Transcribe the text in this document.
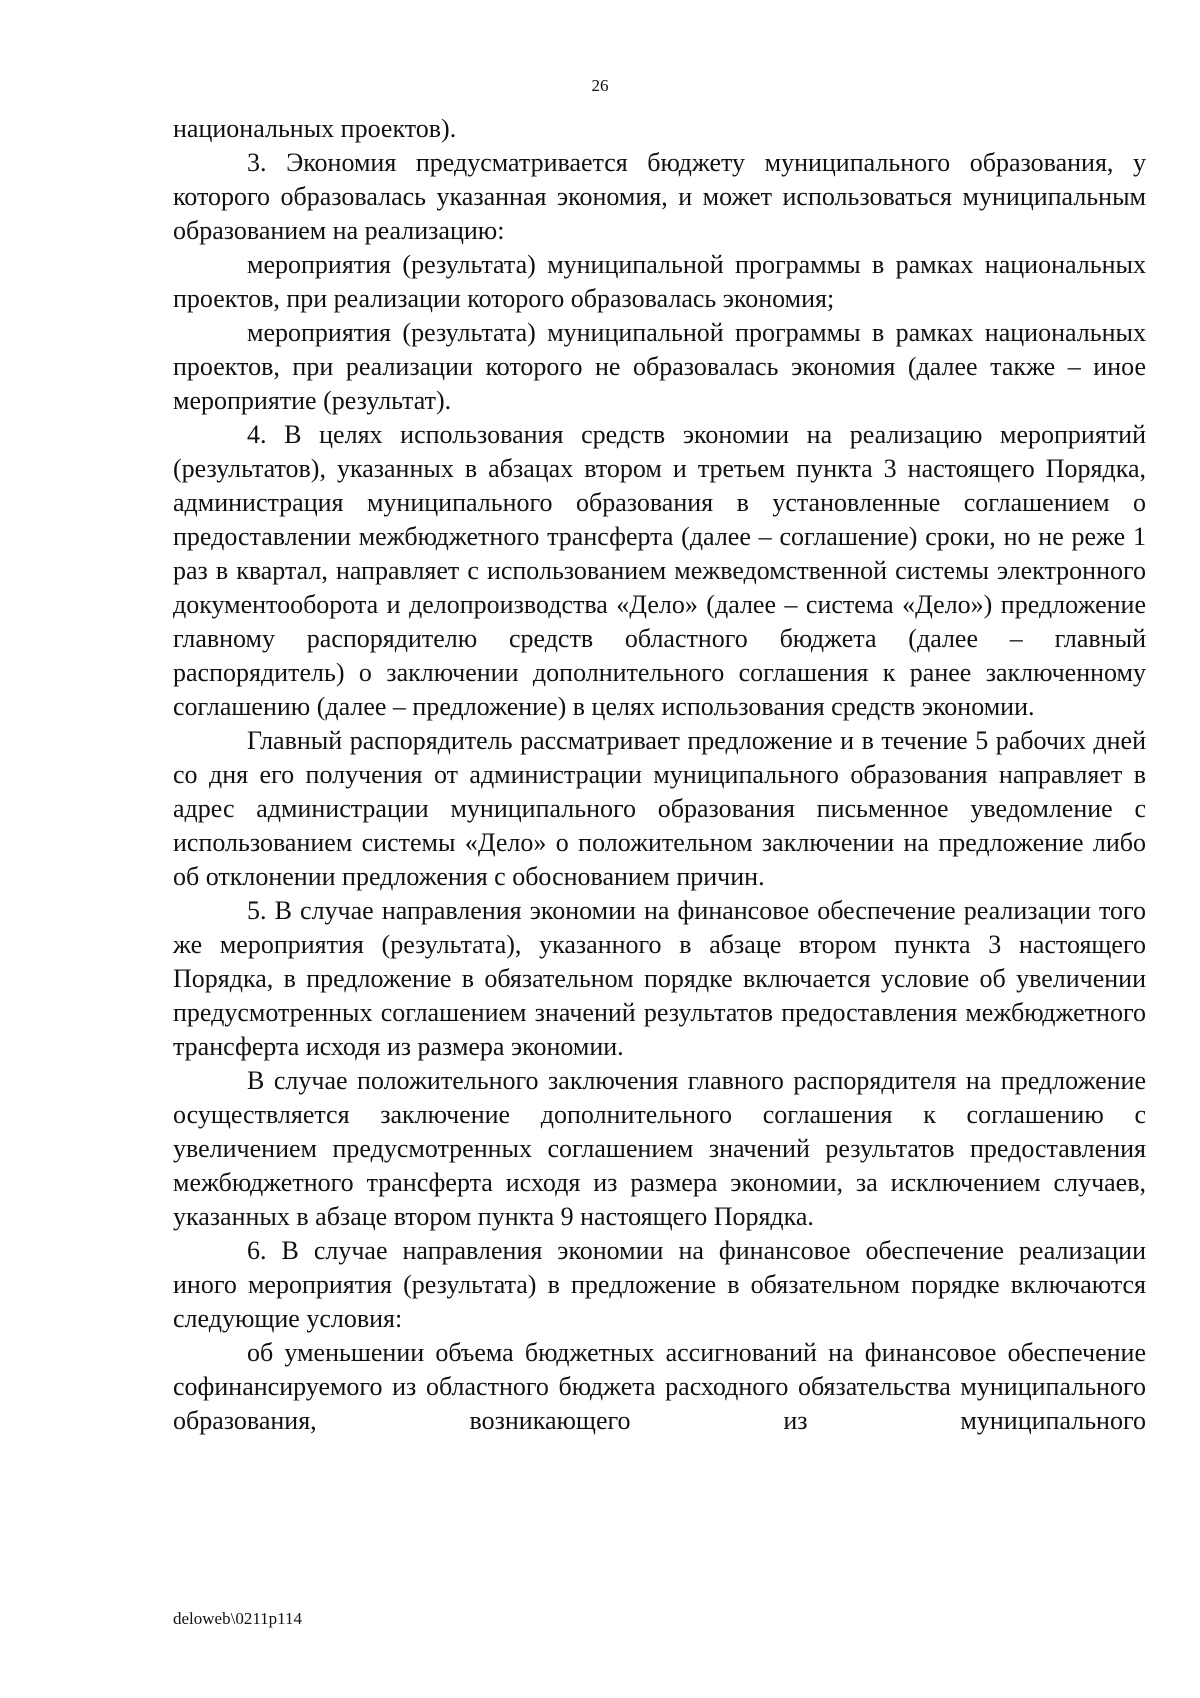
26

национальных проектов).

3. Экономия предусматривается бюджету муниципального образования, у которого образовалась указанная экономия, и может использоваться муниципальным образованием на реализацию:

мероприятия (результата) муниципальной программы в рамках национальных проектов, при реализации которого образовалась экономия;

мероприятия (результата) муниципальной программы в рамках национальных проектов, при реализации которого не образовалась экономия (далее также – иное мероприятие (результат).

4. В целях использования средств экономии на реализацию мероприятий (результатов), указанных в абзацах втором и третьем пункта 3 настоящего Порядка, администрация муниципального образования в установленные соглашением о предоставлении межбюджетного трансферта (далее – соглашение) сроки, но не реже 1 раз в квартал, направляет с использованием межведомственной системы электронного документооборота и делопроизводства «Дело» (далее – система «Дело») предложение главному распорядителю средств областного бюджета (далее – главный распорядитель) о заключении дополнительного соглашения к ранее заключенному соглашению (далее – предложение) в целях использования средств экономии.

Главный распорядитель рассматривает предложение и в течение 5 рабочих дней со дня его получения от администрации муниципального образования направляет в адрес администрации муниципального образования письменное уведомление с использованием системы «Дело» о положительном заключении на предложение либо об отклонении предложения с обоснованием причин.

5. В случае направления экономии на финансовое обеспечение реализации того же мероприятия (результата), указанного в абзаце втором пункта 3 настоящего Порядка, в предложение в обязательном порядке включается условие об увеличении предусмотренных соглашением значений результатов предоставления межбюджетного трансферта исходя из размера экономии.

В случае положительного заключения главного распорядителя на предложение осуществляется заключение дополнительного соглашения к соглашению с увеличением предусмотренных соглашением значений результатов предоставления межбюджетного трансферта исходя из размера экономии, за исключением случаев, указанных в абзаце втором пункта 9 настоящего Порядка.

6. В случае направления экономии на финансовое обеспечение реализации иного мероприятия (результата) в предложение в обязательном порядке включаются следующие условия:

об уменьшении объема бюджетных ассигнований на финансовое обеспечение софинансируемого из областного бюджета расходного обязательства муниципального образования, возникающего из муниципального

deloweb\0211p114
